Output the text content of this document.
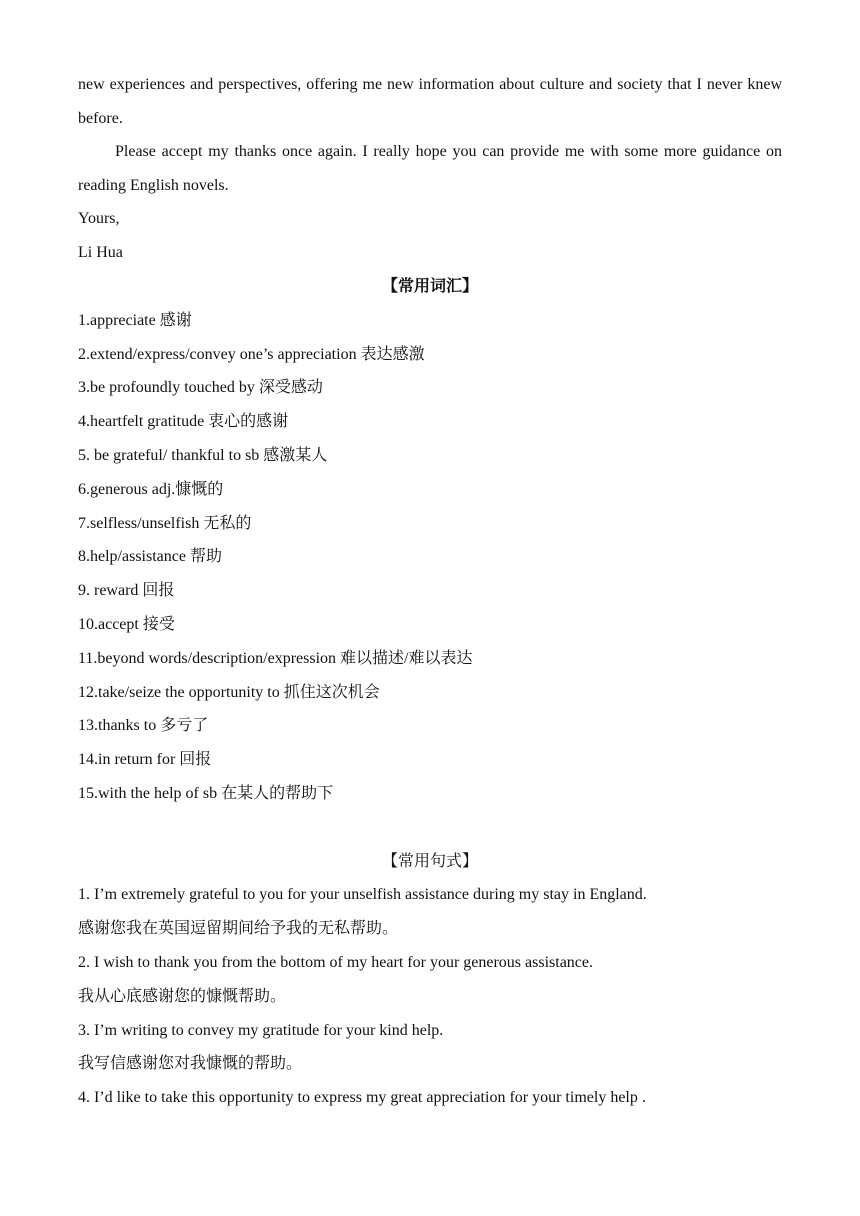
new experiences and perspectives, offering me new information about culture and society that I never knew before.

Please accept my thanks once again. I really hope you can provide me with some more guidance on reading English novels.

Yours,

Li Hua

【常用词汇】

1.appreciate 感谢
2.extend/express/convey one’s appreciation 表达感激
3.be profoundly touched by 深受感动
4.heartfelt gratitude 衷心的感谢
5. be grateful/ thankful to sb 感激某人
6.generous adj.慷慨的
7.selfless/unselfish 无私的
8.help/assistance 帮助
9. reward 回报
10.accept 接受
11.beyond words/description/expression 难以描述/难以表达
12.take/seize the opportunity to 抓住这次机会
13.thanks to 多亏了
14.in return for 回报
15.with the help of sb 在某人的帮助下

【常用句式】

1. I’m extremely grateful to you for your unselfish assistance during my stay in England.
感谢您我在英国逗留期间给予我的无私帮助。
2. I wish to thank you from the bottom of my heart for your generous assistance.
我从心底感谢您的慷慨帮助。
3. I’m writing to convey my gratitude for your kind help.
我写信感谢您对我慷慨的帮助。
4. I’d like to take this opportunity to express my great appreciation for your timely help .
